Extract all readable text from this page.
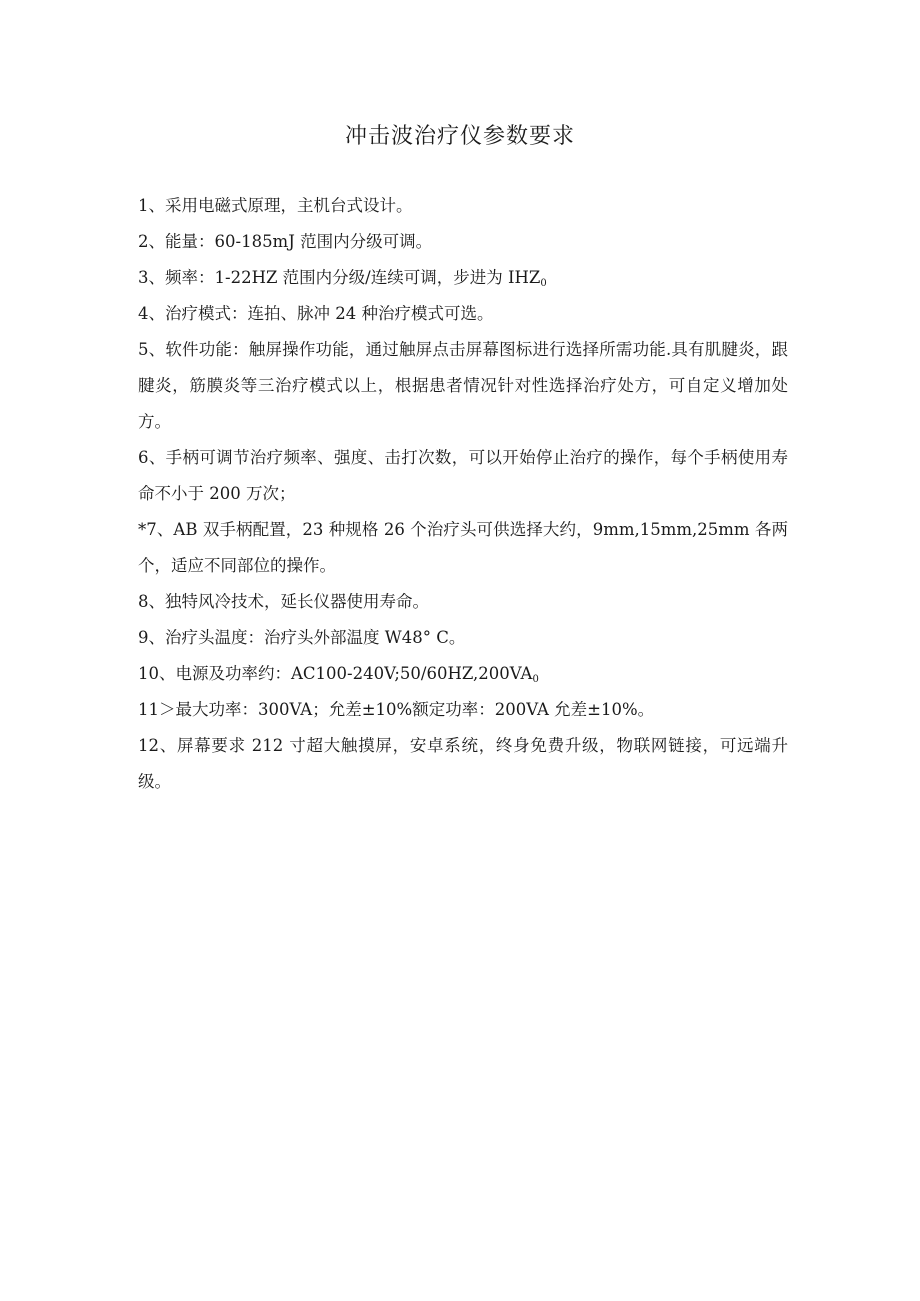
冲击波治疗仪参数要求
1、采用电磁式原理，主机台式设计。
2、能量：60-185mJ 范围内分级可调。
3、频率：1-22HZ 范围内分级/连续可调，步进为 $IHZ_0$
4、治疗模式：连拍、脉冲 24 种治疗模式可选。
5、软件功能：触屏操作功能，通过触屏点击屏幕图标进行选择所需功能.具有肌腱炎，跟腱炎，筋膜炎等三治疗模式以上，根据患者情况针对性选择治疗处方，可自定义增加处方。
6、手柄可调节治疗频率、强度、击打次数，可以开始停止治疗的操作，每个手柄使用寿命不小于 200 万次；
*7、AB 双手柄配置，23 种规格 26 个治疗头可供选择大约，9mm,15mm,25mm 各两个，适应不同部位的操作。
8、独特风冷技术，延长仪器使用寿命。
9、治疗头温度：治疗头外部温度 W48° C。
10、电源及功率约：$AC100-240V;50/60HZ,200VA_0$
11＞最大功率：300VA；允差±10%额定功率：200VA 允差±10%。
12、屏幕要求 212 寸超大触摸屏，安卓系统，终身免费升级，物联网链接，可远端升级。
